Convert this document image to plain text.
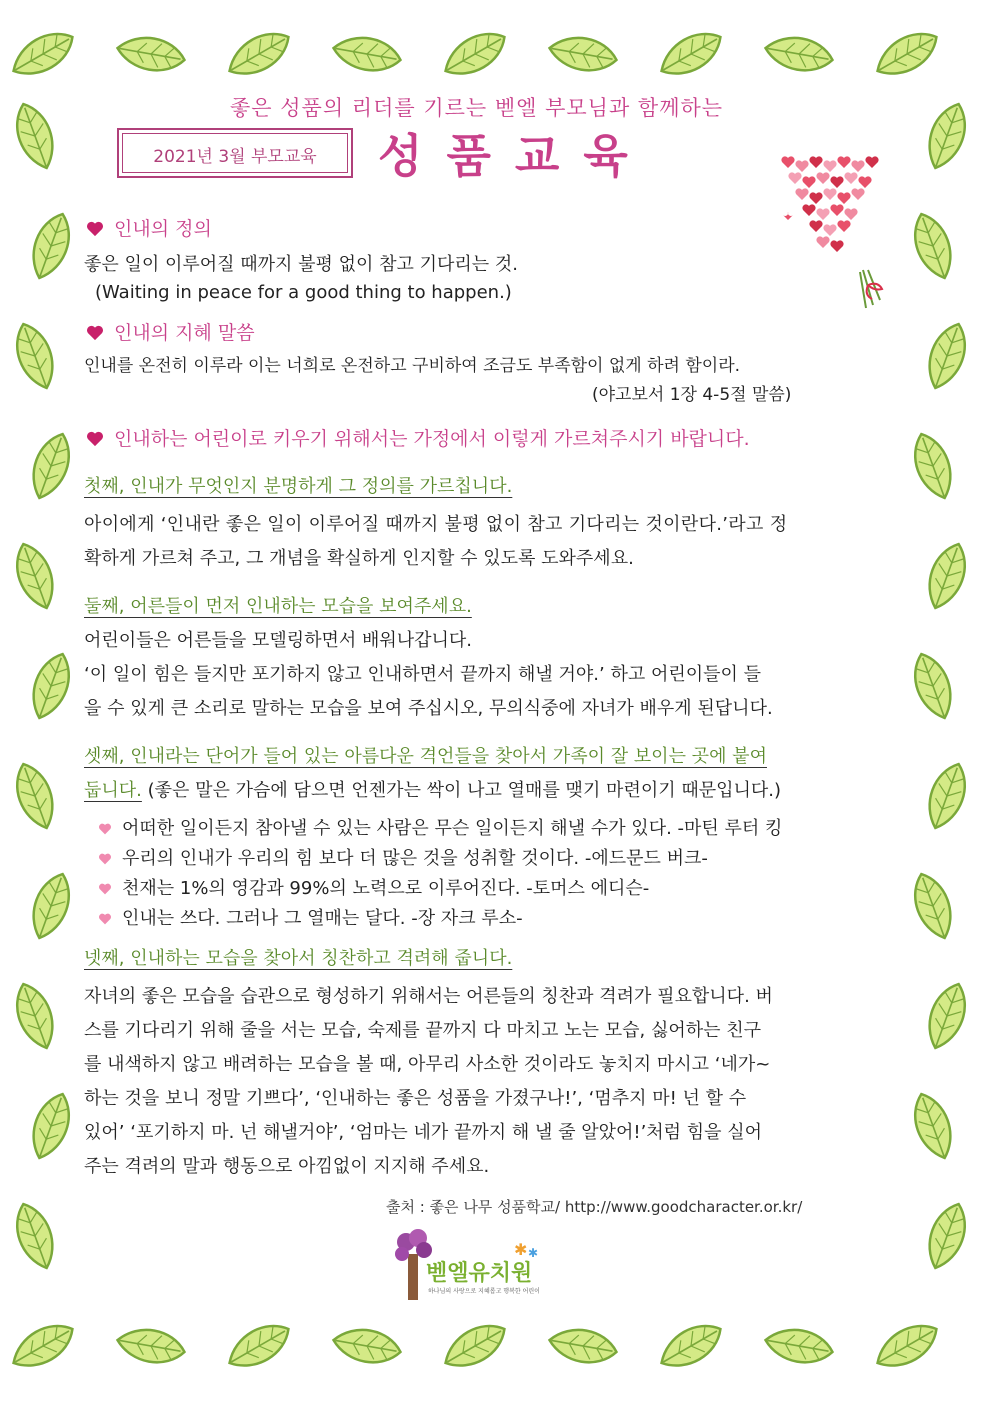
좋은 성품의 리더를 기르는 벧엘 부모님과 함께하는
2021년 3월 부모교육	성 품 교 육
인내의 정의
좋은 일이 이루어질 때까지 불평 없이 참고 기다리는 것.
(Waiting in peace for a good thing to happen.)
인내의 지혜 말씀
인내를 온전히 이루라 이는 너희로 온전하고 구비하여 조금도 부족함이 없게 하려 함이라.
(야고보서 1장 4-5절 말씀)
인내하는 어린이로 키우기 위해서는 가정에서 이렇게 가르쳐주시기 바랍니다.
첫째, 인내가 무엇인지 분명하게 그 정의를 가르칩니다.
아이에게 ‘인내란 좋은 일이 이루어질 때까지 불평 없이 참고 기다리는 것이란다.’라고 정
확하게 가르쳐 주고, 그 개념을 확실하게 인지할 수 있도록 도와주세요.
둘째, 어른들이 먼저 인내하는 모습을 보여주세요.
어린이들은 어른들을 모델링하면서 배워나갑니다.
‘이 일이 힘은 들지만 포기하지 않고 인내하면서 끝까지 해낼 거야.’ 하고 어린이들이 들
을 수 있게 큰 소리로 말하는 모습을 보여 주십시오, 무의식중에 자녀가 배우게 된답니다.
셋째, 인내라는 단어가 들어 있는 아름다운 격언들을 찾아서 가족이 잘 보이는 곳에 붙여
둡니다. (좋은 말은 가슴에 담으면 언젠가는 싹이 나고 열매를 맺기 마련이기 때문입니다.)
어떠한 일이든지 참아낼 수 있는 사람은 무슨 일이든지 해낼 수가 있다. -마틴 루터 킹
우리의 인내가 우리의 힘 보다 더 많은 것을 성취할 것이다. -에드문드 버크-
천재는 1%의 영감과 99%의 노력으로 이루어진다. -토머스 에디슨-
인내는 쓰다. 그러나 그 열매는 달다. -장 자크 루소-
넷째, 인내하는 모습을 찾아서 칭찬하고 격려해 줍니다.
자녀의 좋은 모습을 습관으로 형성하기 위해서는 어른들의 칭찬과 격려가 필요합니다. 버
스를 기다리기 위해 줄을 서는 모습, 숙제를 끝까지 다 마치고 노는 모습, 싫어하는 친구
를 내색하지 않고 배려하는 모습을 볼 때, 아무리 사소한 것이라도 놓치지 마시고 ‘네가~
하는 것을 보니 정말 기쁘다’, ‘인내하는 좋은 성품을 가졌구나!’, ‘멈추지 마! 넌 할 수
있어’ ‘포기하지 마. 넌 해낼거야’, ‘엄마는 네가 끝까지 해 낼 줄 알았어!’처럼 힘을 실어
주는 격려의 말과 행동으로 아낌없이 지지해 주세요.
출처 : 좋은 나무 성품학교/ http://www.goodcharacter.or.kr/
벧엘유치원
하나님의 사랑으로 지혜롭고 행복한 어린이
✱ ✱
